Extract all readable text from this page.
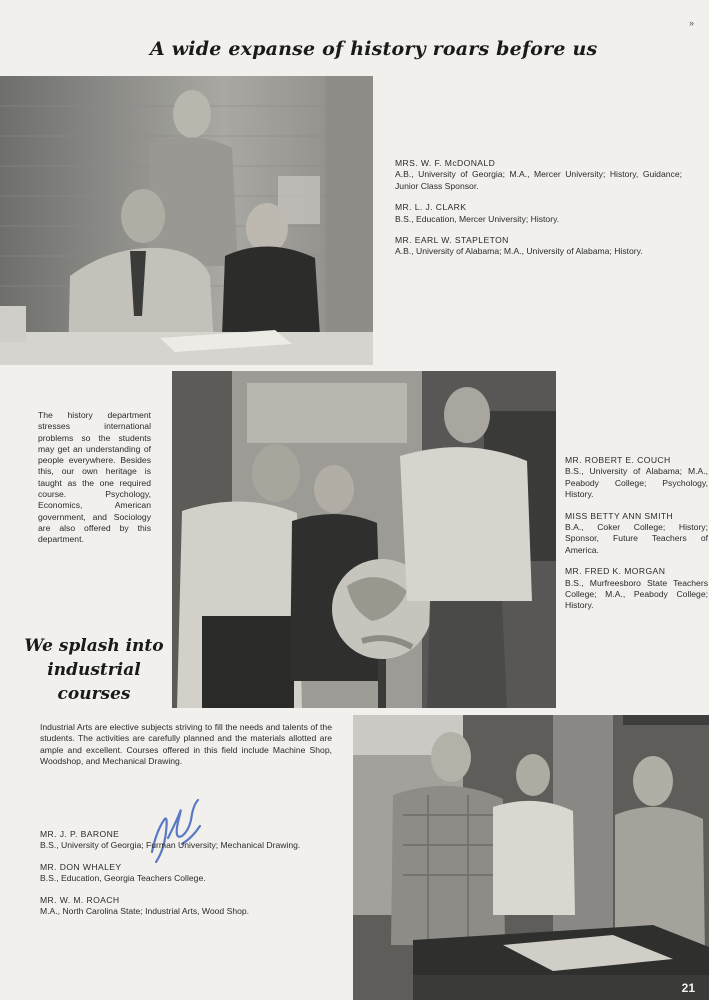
»
A wide expanse of history roars before us
MRS. W. F. McDONALD
A.B., University of Georgia; M.A., Mercer University; History, Guidance; Junior Class Sponsor.
MR. L. J. CLARK
B.S., Education, Mercer University; History.
MR. EARL W. STAPLETON
A.B., University of Alabama; M.A., University of Alabama; History.
The history department stresses international problems so the students may get an understanding of people everywhere. Besides this, our own heritage is taught as the one required course. Psychology, Economics, American government, and Sociology are also offered by this department.
MR. ROBERT E. COUCH
B.S., University of Alabama; M.A., Peabody College; Psychology, History.
MISS BETTY ANN SMITH
B.A., Coker College; History; Sponsor, Future Teachers of America.
MR. FRED K. MORGAN
B.S., Murfreesboro State Teachers College; M.A., Peabody College; History.
We splash into industrial courses
Industrial Arts are elective subjects striving to fill the needs and talents of the students. The activities are carefully planned and the materials allotted are ample and excellent. Courses offered in this field include Machine Shop, Woodshop, and Mechanical Drawing.
MR. J. P. BARONE
B.S., University of Georgia; Furman University; Mechanical Drawing.
MR. DON WHALEY
B.S., Education, Georgia Teachers College.
MR. W. M. ROACH
M.A., North Carolina State; Industrial Arts, Wood Shop.
21
